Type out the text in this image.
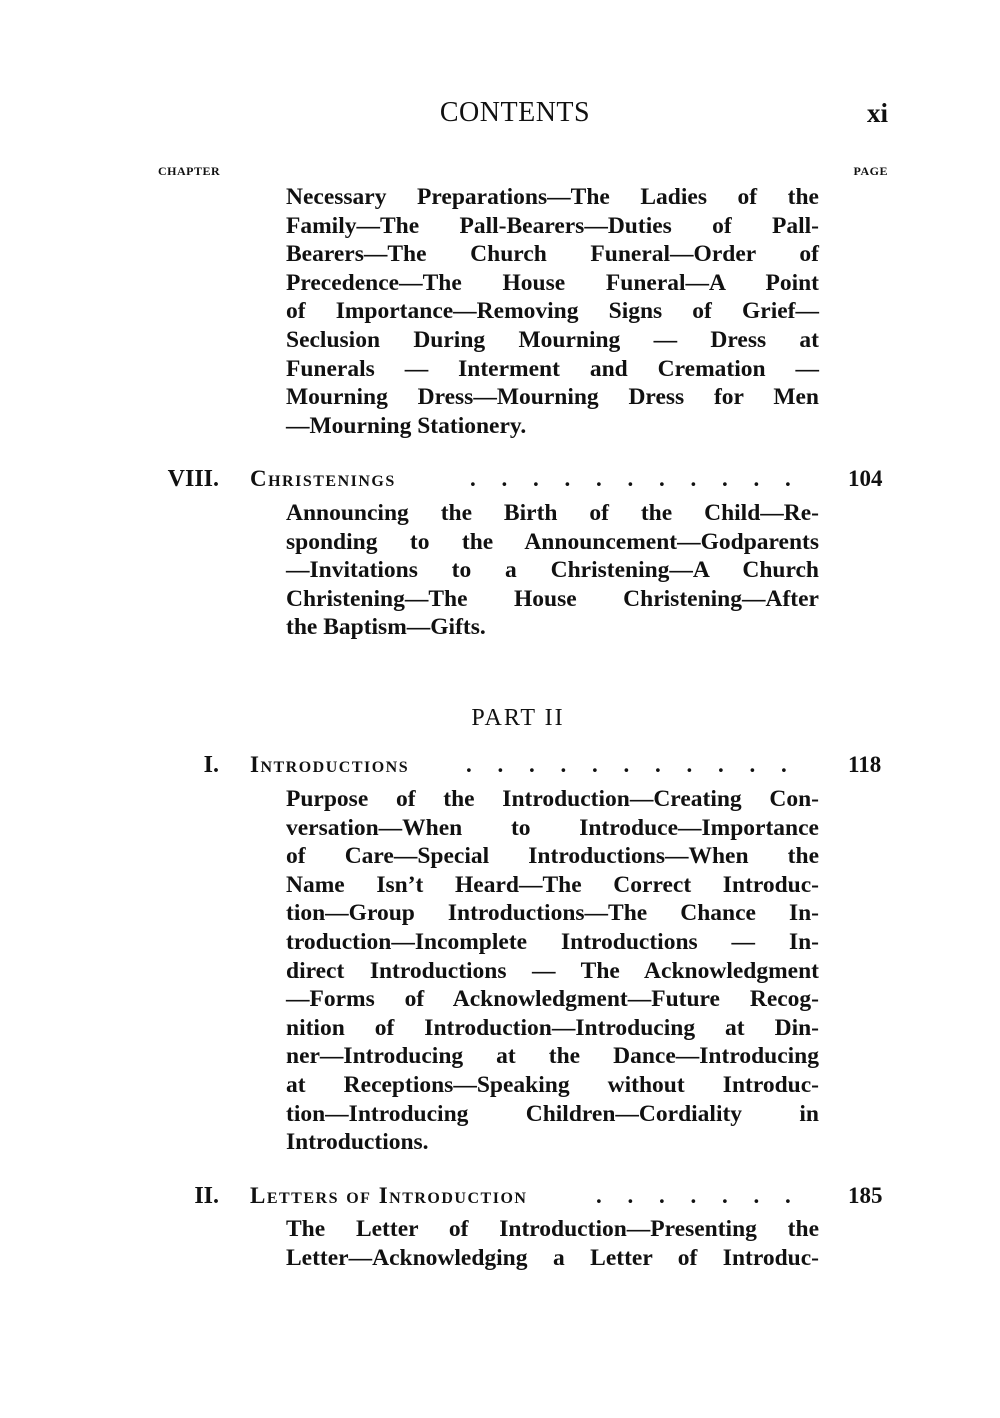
CONTENTS	xi
CHAPTER	PAGE
Necessary Preparations—The Ladies of the
Family—The Pall-Bearers—Duties of Pall-
Bearers—The Church Funeral—Order of
Precedence—The House Funeral—A Point
of Importance—Removing Signs of Grief—
Seclusion During Mourning — Dress at
Funerals — Interment and Cremation —
Mourning Dress—Mourning Dress for Men
—Mourning Stationery.
VIII. Christenings	. . . . . . . . . . . 104
Announcing the Birth of the Child—Re-
sponding to the Announcement—Godparents
—Invitations to a Christening—A Church
Christening—The House Christening—After
the Baptism—Gifts.
PART II
I. Introductions . . . . . . . . . . . 118
Purpose of the Introduction—Creating Con-
versation—When to Introduce—Importance
of Care—Special Introductions—When the
Name Isn’t Heard—The Correct Introduc-
tion—Group Introductions—The Chance In-
troduction—Incomplete Introductions — In-
direct Introductions — The Acknowledgment
—Forms of Acknowledgment—Future Recog-
nition of Introduction—Introducing at Din-
ner—Introducing at the Dance—Introducing
at Receptions—Speaking without Introduc-
tion—Introducing Children—Cordiality in
Introductions.
II. Letters of Introduction	. . . . . . . 185
The Letter of Introduction—Presenting the
Letter—Acknowledging a Letter of Introduc-
